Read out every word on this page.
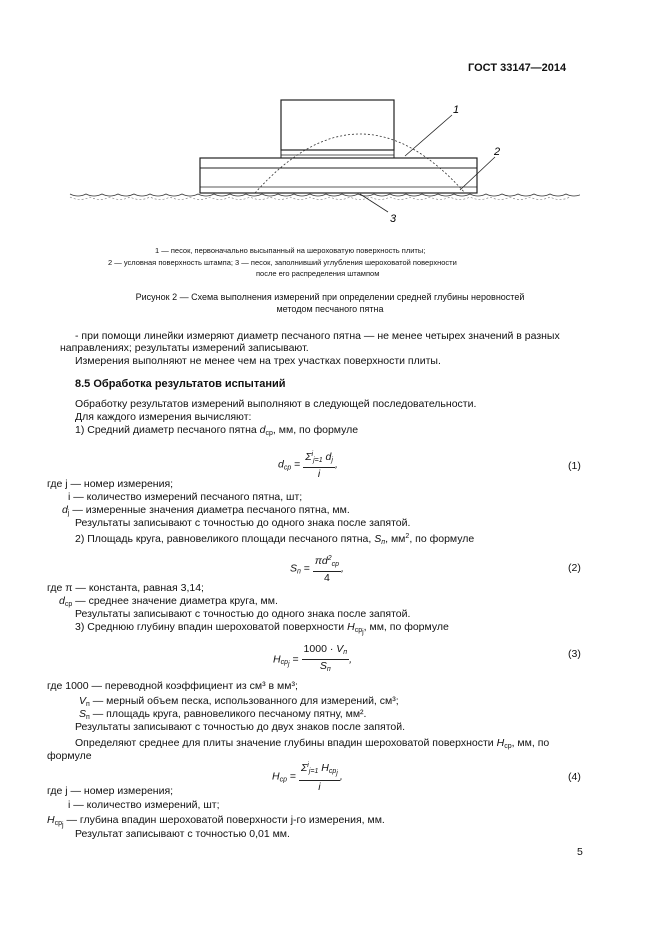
ГОСТ 33147—2014
1
2
3
1 — песок, первоначально высыпанный на шероховатую поверхность плиты;
2 — условная поверхность штампа; 3 — песок, заполнивший углубления шероховатой поверхности
после его распределения штампом
Рисунок 2 — Схема выполнения измерений при определении средней глубины неровностей
методом песчаного пятна
- при помощи линейки измеряют диаметр песчаного пятна — не менее четырех значений в разных
направлениях; результаты измерений записывают.
Измерения выполняют не менее чем на трех участках поверхности плиты.
8.5 Обработка результатов испытаний
Обработку результатов измерений выполняют в следующей последовательности.
Для каждого измерения вычисляют:
1) Средний диаметр песчаного пятна $d_{ср}$, мм, по формуле
$d_{ср} = \frac{\Sigma^i_{j=1} d_j}{i}$ ,	(1)
где j — номер измерения;
i — количество измерений песчаного пятна, шт;
$d_j$ — измеренные значения диаметра песчаного пятна, мм.
Результаты записывают с точностью до одного знака после запятой.
2) Площадь круга, равновеликого площади песчаного пятна, $S_п$, $мм^2$, по формуле
$S_п = \frac{\pi d^2_{ср}}{4}$ ,	(2)
где π — константа, равная 3,14;
$d_{ср}$ — среднее значение диаметра круга, мм.
Результаты записывают с точностью до одного знака после запятой.
3) Среднюю глубину впадин шероховатой поверхности $H_{ср_j}$, мм, по формуле
$H_{ср_j} = \frac{1000 \cdot V_п}{S_п}$ ,	(3)
где 1000 — переводной коэффициент из см³ в мм³;
$V_п$ — мерный объем песка, использованного для измерений, см³;
$S_п$ — площадь круга, равновеликого песчаному пятну, мм².
Результаты записывают с точностью до двух знаков после запятой.
Определяют среднее для плиты значение глубины впадин шероховатой поверхности $H_{ср}$, мм, по
формуле
$H_{ср} = \frac{\Sigma^i_{j=1} H_{ср_j}}{i}$ ,	(4)
где j — номер измерения;
i — количество измерений, шт;
$H_{ср_j}$ — глубина впадин шероховатой поверхности j-го измерения, мм.
Результат записывают с точностью 0,01 мм.
5
